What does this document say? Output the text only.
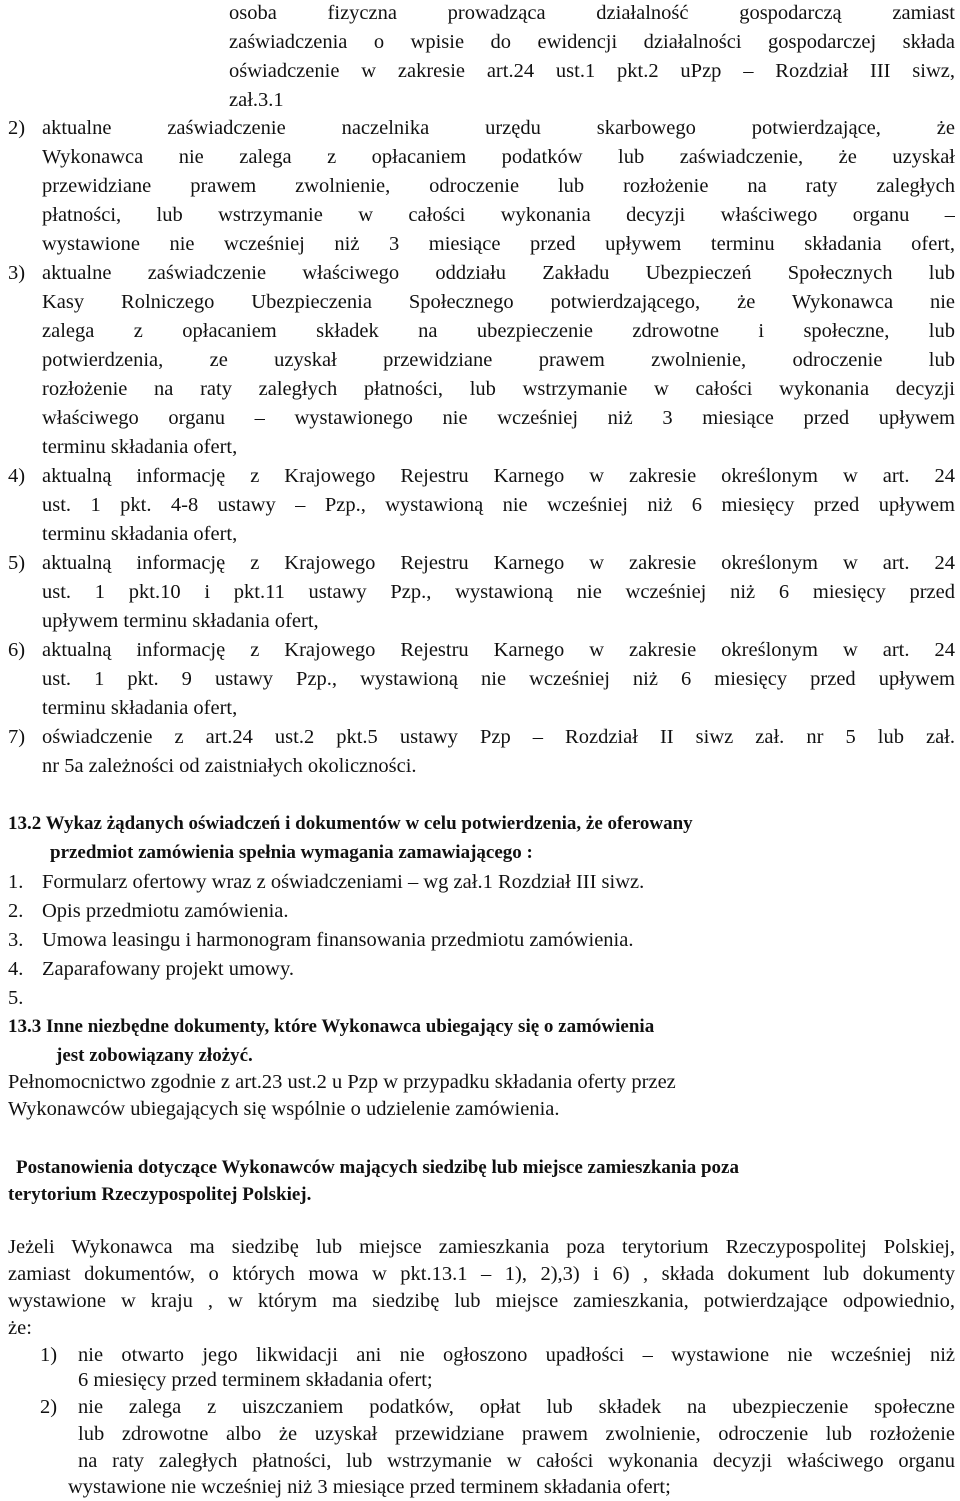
osoba fizyczna prowadząca działalność gospodarczą zamiast
zaświadczenia o wpisie do ewidencji działalności gospodarczej składa
oświadczenie w zakresie art.24 ust.1 pkt.2 uPzp – Rozdział III siwz,
zał.3.1
2) aktualne zaświadczenie naczelnika urzędu skarbowego potwierdzające, że
Wykonawca nie zalega z opłacaniem podatków lub zaświadczenie, że uzyskał
przewidziane prawem zwolnienie, odroczenie lub rozłożenie na raty zaległych
płatności, lub wstrzymanie w całości wykonania decyzji właściwego organu –
wystawione nie wcześniej niż 3 miesiące przed upływem terminu składania ofert,
3) aktualne zaświadczenie właściwego oddziału Zakładu Ubezpieczeń Społecznych lub
Kasy Rolniczego Ubezpieczenia Społecznego potwierdzającego, że Wykonawca nie
zalega z opłacaniem składek na ubezpieczenie zdrowotne i społeczne, lub
potwierdzenia, ze uzyskał przewidziane prawem zwolnienie, odroczenie lub
rozłożenie na raty zaległych płatności, lub wstrzymanie w całości wykonania decyzji
właściwego organu – wystawionego nie wcześniej niż 3 miesiące przed upływem
terminu składania ofert,
4) aktualną informację z Krajowego Rejestru Karnego w zakresie określonym w art. 24
ust. 1 pkt. 4-8 ustawy – Pzp., wystawioną nie wcześniej niż 6 miesięcy przed upływem
terminu składania ofert,
5) aktualną informację z Krajowego Rejestru Karnego w zakresie określonym w art. 24
ust. 1 pkt.10 i pkt.11 ustawy Pzp., wystawioną nie wcześniej niż 6 miesięcy przed
upływem terminu składania ofert,
6) aktualną informację z Krajowego Rejestru Karnego w zakresie określonym w art. 24
ust. 1 pkt. 9 ustawy Pzp., wystawioną nie wcześniej niż 6 miesięcy przed upływem
terminu składania ofert,
7) oświadczenie z art.24 ust.2 pkt.5 ustawy Pzp – Rozdział II siwz zał. nr 5 lub zał.
nr 5a zależności od zaistniałych okoliczności.
13.2 Wykaz żądanych oświadczeń i dokumentów w celu potwierdzenia, że oferowany
przedmiot zamówienia spełnia wymagania zamawiającego :
1. Formularz ofertowy wraz z oświadczeniami – wg zał.1 Rozdział III siwz.
2. Opis przedmiotu zamówienia.
3. Umowa leasingu i harmonogram finansowania przedmiotu zamówienia.
4. Zaparafowany projekt umowy.
5.
13.3 Inne niezbędne dokumenty, które Wykonawca ubiegający się o zamówienia
jest zobowiązany złożyć.
Pełnomocnictwo zgodnie z art.23 ust.2 u Pzp w przypadku składania oferty przez
Wykonawców ubiegających się wspólnie o udzielenie zamówienia.
Postanowienia dotyczące Wykonawców mających siedzibę lub miejsce zamieszkania poza
terytorium Rzeczypospolitej Polskiej.
Jeżeli Wykonawca ma siedzibę lub miejsce zamieszkania poza terytorium Rzeczypospolitej Polskiej,
zamiast dokumentów, o których mowa w pkt.13.1 – 1), 2),3) i 6) , składa dokument lub dokumenty
wystawione w kraju , w którym ma siedzibę lub miejsce zamieszkania, potwierdzające odpowiednio,
że:
1) nie otwarto jego likwidacji ani nie ogłoszono upadłości – wystawione nie wcześniej niż
6 miesięcy przed terminem składania ofert;
2) nie zalega z uiszczaniem podatków, opłat lub składek na ubezpieczenie społeczne
lub zdrowotne albo że uzyskał przewidziane prawem zwolnienie, odroczenie lub rozłożenie
na raty zaległych płatności, lub wstrzymanie w całości wykonania decyzji właściwego organu
wystawione nie wcześniej niż 3 miesiące przed terminem składania ofert;
